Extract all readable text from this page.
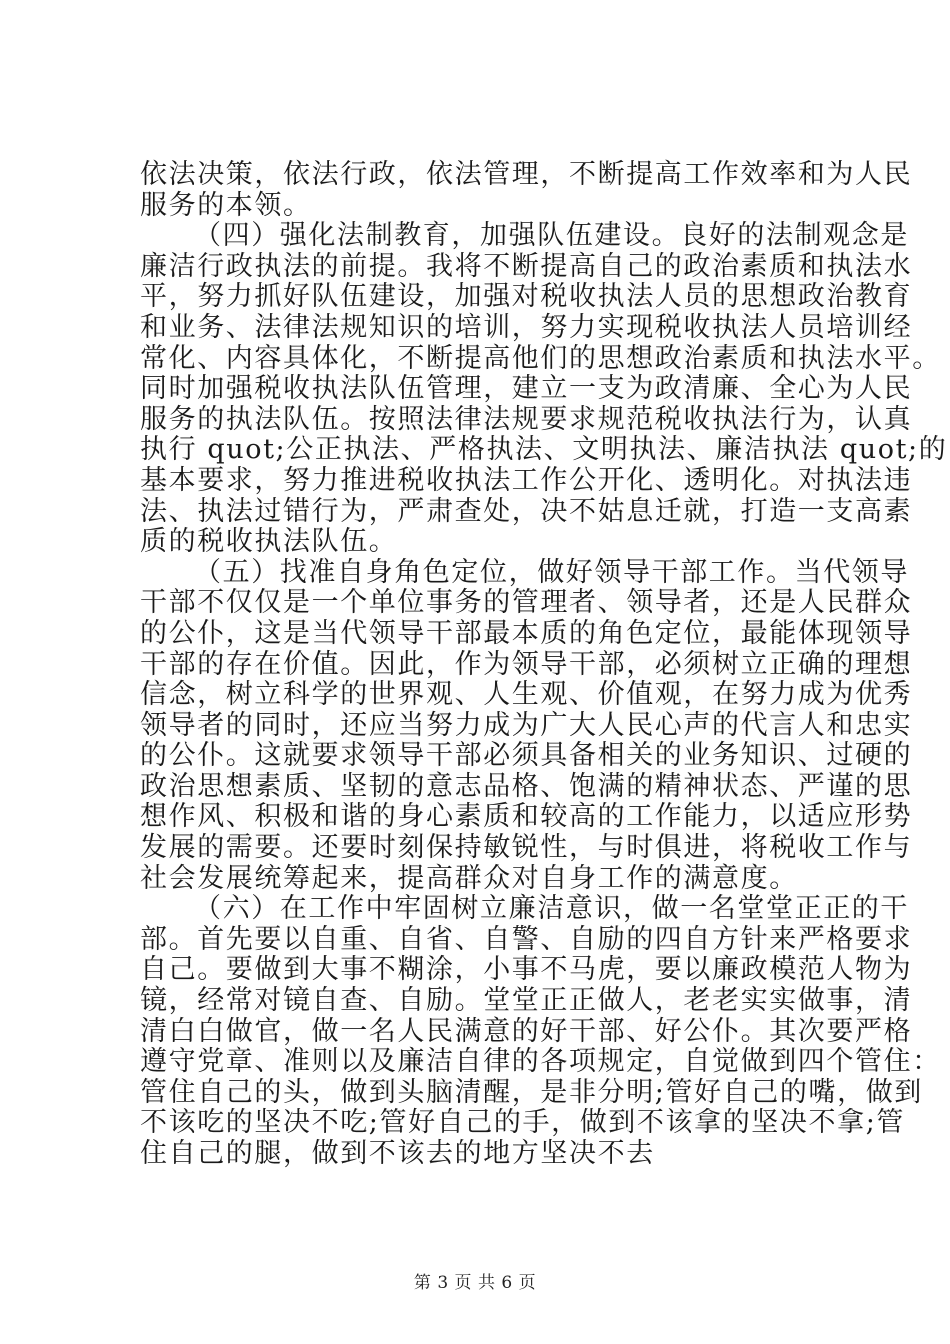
依法决策，依法行政，依法管理，不断提高工作效率和为人民
服务的本领。
（四）强化法制教育，加强队伍建设。良好的法制观念是
廉洁行政执法的前提。我将不断提高自己的政治素质和执法水
平，努力抓好队伍建设，加强对税收执法人员的思想政治教育
和业务、法律法规知识的培训，努力实现税收执法人员培训经
常化、内容具体化，不断提高他们的思想政治素质和执法水平。
同时加强税收执法队伍管理，建立一支为政清廉、全心为人民
服务的执法队伍。按照法律法规要求规范税收执法行为，认真
执行 quot;公正执法、严格执法、文明执法、廉洁执法 quot;的
基本要求，努力推进税收执法工作公开化、透明化。对执法违
法、执法过错行为，严肃查处，决不姑息迁就，打造一支高素
质的税收执法队伍。
（五）找准自身角色定位，做好领导干部工作。当代领导
干部不仅仅是一个单位事务的管理者、领导者，还是人民群众
的公仆，这是当代领导干部最本质的角色定位，最能体现领导
干部的存在价值。因此，作为领导干部，必须树立正确的理想
信念，树立科学的世界观、人生观、价值观，在努力成为优秀
领导者的同时，还应当努力成为广大人民心声的代言人和忠实
的公仆。这就要求领导干部必须具备相关的业务知识、过硬的
政治思想素质、坚韧的意志品格、饱满的精神状态、严谨的思
想作风、积极和谐的身心素质和较高的工作能力，以适应形势
发展的需要。还要时刻保持敏锐性，与时俱进，将税收工作与
社会发展统筹起来，提高群众对自身工作的满意度。
（六）在工作中牢固树立廉洁意识，做一名堂堂正正的干
部。首先要以自重、自省、自警、自励的四自方针来严格要求
自己。要做到大事不糊涂，小事不马虎，要以廉政模范人物为
镜，经常对镜自查、自励。堂堂正正做人，老老实实做事，清
清白白做官，做一名人民满意的好干部、好公仆。其次要严格
遵守党章、准则以及廉洁自律的各项规定，自觉做到四个管住：
管住自己的头，做到头脑清醒，是非分明;管好自己的嘴，做到
不该吃的坚决不吃;管好自己的手，做到不该拿的坚决不拿;管
住自己的腿，做到不该去的地方坚决不去
第 3 页 共 6 页
